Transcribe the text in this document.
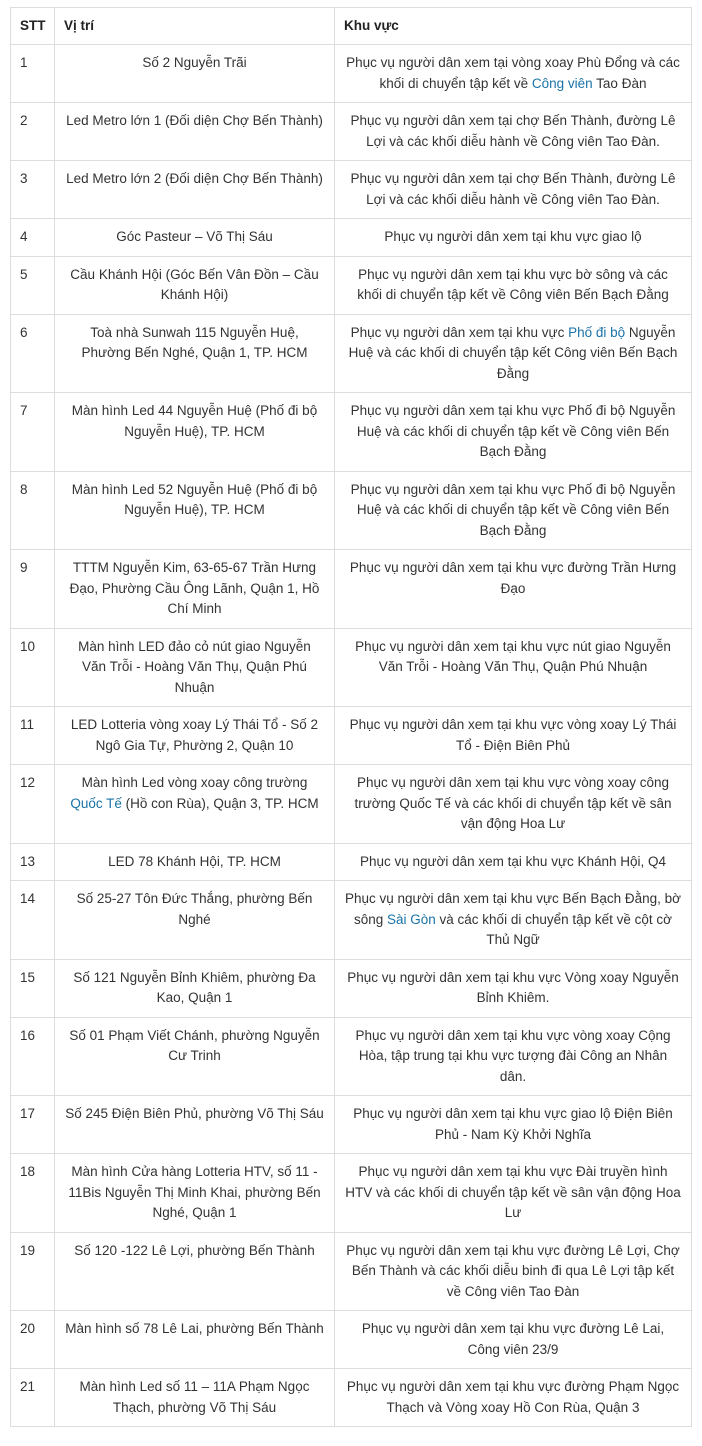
STT	Vị trí	Khu vực
1	Số 2 Nguyễn Trãi	Phục vụ người dân xem tại vòng xoay Phù Đổng và các khối di chuyển tập kết về Công viên Tao Đàn
2	Led Metro lớn 1 (Đối diện Chợ Bến Thành)	Phục vụ người dân xem tại chợ Bến Thành, đường Lê Lợi và các khối diễu hành về Công viên Tao Đàn.
3	Led Metro lớn 2 (Đối diện Chợ Bến Thành)	Phục vụ người dân xem tại chợ Bến Thành, đường Lê Lợi và các khối diễu hành về Công viên Tao Đàn.
4	Góc Pasteur – Võ Thị Sáu	Phục vụ người dân xem tại khu vực giao lộ
5	Cầu Khánh Hội (Góc Bến Vân Đồn – Cầu Khánh Hội)	Phục vụ người dân xem tại khu vực bờ sông và các khối di chuyển tập kết về Công viên Bến Bạch Đằng
6	Toà nhà Sunwah 115 Nguyễn Huệ, Phường Bến Nghé, Quận 1, TP. HCM	Phục vụ người dân xem tại khu vực Phố đi bộ Nguyễn Huệ và các khối di chuyển tập kết Công viên Bến Bạch Đằng
7	Màn hình Led 44 Nguyễn Huệ (Phố đi bộ Nguyễn Huệ), TP. HCM	Phục vụ người dân xem tại khu vực Phố đi bộ Nguyễn Huệ và các khối di chuyển tập kết về Công viên Bến Bạch Đằng
8	Màn hình Led 52 Nguyễn Huệ (Phố đi bộ Nguyễn Huệ), TP. HCM	Phục vụ người dân xem tại khu vực Phố đi bộ Nguyễn Huệ và các khối di chuyển tập kết về Công viên Bến Bạch Đằng
9	TTTM Nguyễn Kim, 63-65-67 Trần Hưng Đạo, Phường Cầu Ông Lãnh, Quận 1, Hồ Chí Minh	Phục vụ người dân xem tại khu vực đường Trần Hưng Đạo
10	Màn hình LED đảo cỏ nút giao Nguyễn Văn Trỗi - Hoàng Văn Thụ, Quận Phú Nhuận	Phục vụ người dân xem tại khu vực nút giao Nguyễn Văn Trỗi - Hoàng Văn Thụ, Quận Phú Nhuận
11	LED Lotteria vòng xoay Lý Thái Tổ - Số 2 Ngô Gia Tự, Phường 2, Quận 10	Phục vụ người dân xem tại khu vực vòng xoay Lý Thái Tổ - Điện Biên Phủ
12	Màn hình Led vòng xoay công trường Quốc Tế (Hồ con Rùa), Quận 3, TP. HCM	Phục vụ người dân xem tại khu vực vòng xoay công trường Quốc Tế và các khối di chuyển tập kết về sân vận động Hoa Lư
13	LED 78 Khánh Hội, TP. HCM	Phục vụ người dân xem tại khu vực Khánh Hội, Q4
14	Số 25-27 Tôn Đức Thắng, phường Bến Nghé	Phục vụ người dân xem tại khu vực Bến Bạch Đằng, bờ sông Sài Gòn và các khối di chuyển tập kết về cột cờ Thủ Ngữ
15	Số 121 Nguyễn Bỉnh Khiêm, phường Đa Kao, Quận 1	Phục vụ người dân xem tại khu vực Vòng xoay Nguyễn Bỉnh Khiêm.
16	Số 01 Phạm Viết Chánh, phường Nguyễn Cư Trinh	Phục vụ người dân xem tại khu vực vòng xoay Cộng Hòa, tập trung tại khu vực tượng đài Công an Nhân dân.
17	Số 245 Điện Biên Phủ, phường Võ Thị Sáu	Phục vụ người dân xem tại khu vực giao lộ Điện Biên Phủ - Nam Kỳ Khởi Nghĩa
18	Màn hình Cửa hàng Lotteria HTV, số 11 - 11Bis Nguyễn Thị Minh Khai, phường Bến Nghé, Quận 1	Phục vụ người dân xem tại khu vực Đài truyền hình HTV và các khối di chuyển tập kết về sân vận động Hoa Lư
19	Số 120 -122 Lê Lợi, phường Bến Thành	Phục vụ người dân xem tại khu vực đường Lê Lợi, Chợ Bến Thành và các khối diễu binh đi qua Lê Lợi tập kết về Công viên Tao Đàn
20	Màn hình số 78 Lê Lai, phường Bến Thành	Phục vụ người dân xem tại khu vực đường Lê Lai, Công viên 23/9
21	Màn hình Led số 11 – 11A Phạm Ngọc Thạch, phường Võ Thị Sáu	Phục vụ người dân xem tại khu vực đường Phạm Ngọc Thạch và Vòng xoay Hồ Con Rùa, Quận 3
